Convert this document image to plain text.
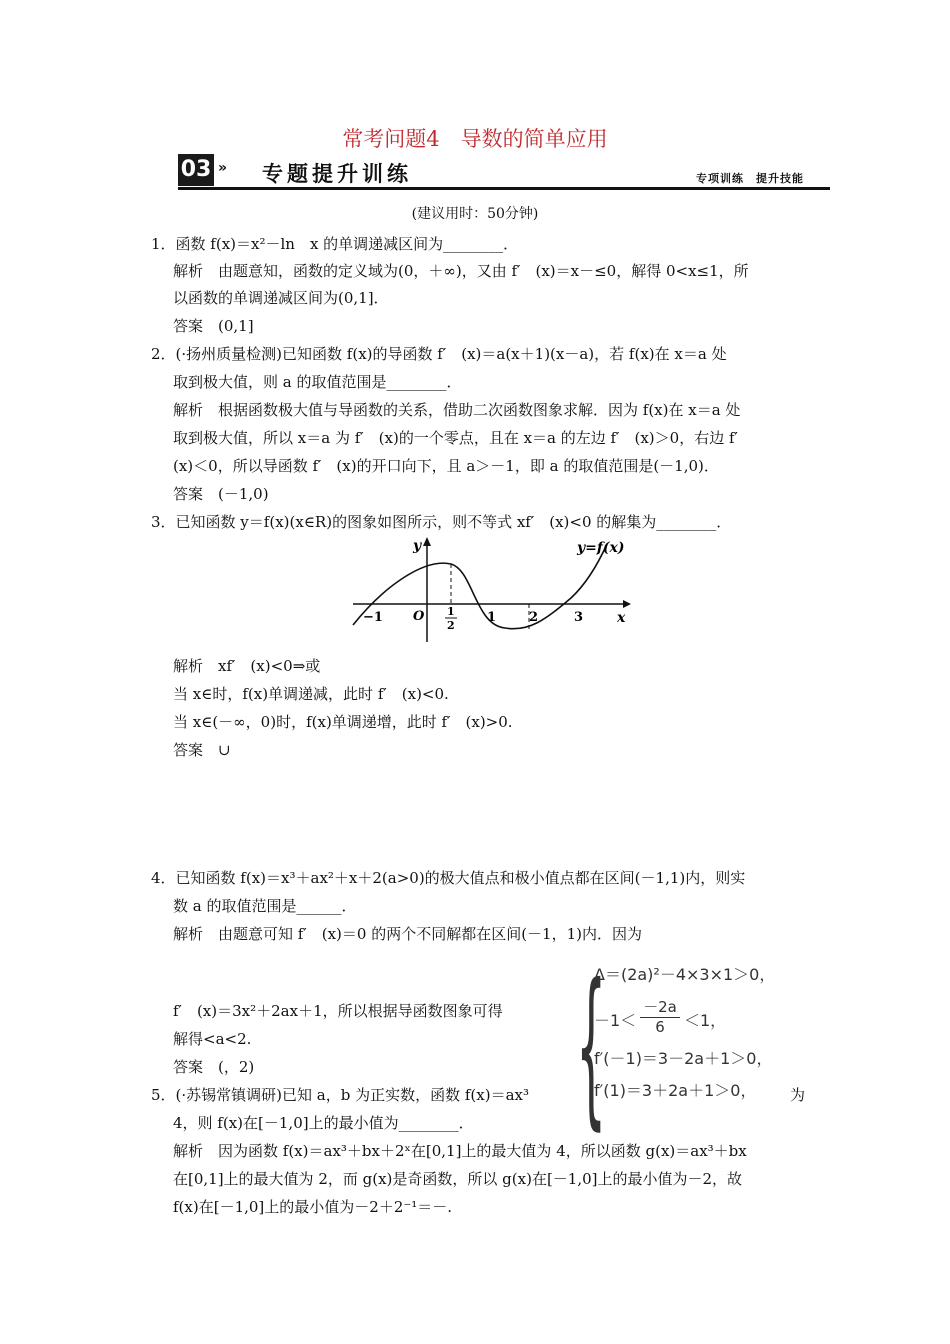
常考问题4　导数的简单应用
03 » 专题提升训练	专项训练　提升技能
(建议用时：50分钟)
1．函数 f(x)＝x²－ln　x 的单调递减区间为________．
解析　由题意知，函数的定义域为(0，＋∞)，又由 f′　(x)＝x－≤0，解得 0<x≤1，所
以函数的单调递减区间为(0,1]．
答案　(0,1]
2．(·扬州质量检测)已知函数 f(x)的导函数 f′　(x)＝a(x＋1)(x－a)，若 f(x)在 x＝a 处
取到极大值，则 a 的取值范围是________．
解析　根据函数极大值与导函数的关系，借助二次函数图象求解．因为 f(x)在 x＝a 处
取到极大值，所以 x＝a 为 f′　(x)的一个零点，且在 x＝a 的左边 f′　(x)＞0，右边 f′
(x)＜0，所以导函数 f′　(x)的开口向下，且 a＞－1，即 a 的取值范围是(－1,0)．
答案　(－1,0)
3．已知函数 y＝f(x)(x∈R)的图象如图所示，则不等式 xf′　(x)<0 的解集为________．
解析　xf′　(x)<0⇒或
当 x∈时，f(x)单调递减，此时 f′　(x)<0.
当 x∈(－∞，0)时，f(x)单调递增，此时 f′　(x)>0.
答案　∪
4．已知函数 f(x)＝x³＋ax²＋x＋2(a>0)的极大值点和极小值点都在区间(－1,1)内，则实
数 a 的取值范围是______．
解析　由题意可知 f′　(x)＝0 的两个不同解都在区间(－1，1)内．因为
f′　(x)＝3x²＋2ax＋1，所以根据导函数图象可得
解得<a<2.
答案　(，2)
5．(·苏锡常镇调研)已知 a，b 为正实数，函数 f(x)＝ax³	为
4，则 f(x)在[－1,0]上的最小值为________．
解析　因为函数 f(x)＝ax³＋bx＋2ˣ在[0,1]上的最大值为 4，所以函数 g(x)＝ax³＋bx
在[0,1]上的最大值为 2，而 g(x)是奇函数，所以 g(x)在[－1,0]上的最小值为－2，故
f(x)在[－1,0]上的最小值为－2＋2⁻¹＝－.
y
x
y=f(x)
O
−1	1	2	3
1
2
{
Δ＝(2a)²－4×3×1＞0，
$-1< \frac{-2a}{6} <1$，
f′(－1)＝3－2a＋1＞0，
f′(1)＝3＋2a＋1＞0，
